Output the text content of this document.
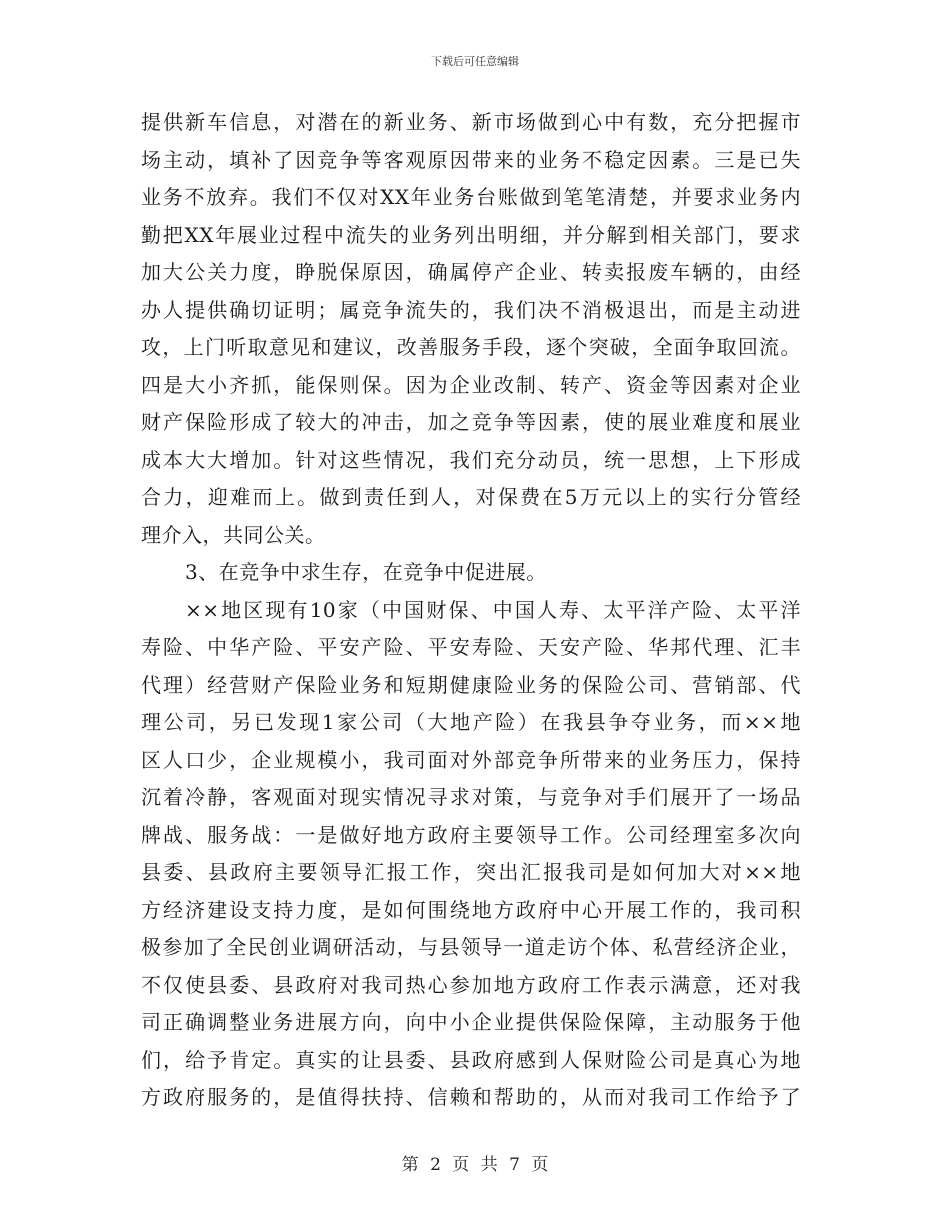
下载后可任意编辑
提供新车信息，对潜在的新业务、新市场做到心中有数，充分把握市
场主动，填补了因竞争等客观原因带来的业务不稳定因素。三是已失
业务不放弃。我们不仅对XX年业务台账做到笔笔清楚，并要求业务内
勤把XX年展业过程中流失的业务列出明细，并分解到相关部门，要求
加大公关力度，睁脱保原因，确属停产企业、转卖报废车辆的，由经
办人提供确切证明；属竞争流失的，我们决不消极退出，而是主动进
攻，上门听取意见和建议，改善服务手段，逐个突破，全面争取回流。
四是大小齐抓，能保则保。因为企业改制、转产、资金等因素对企业
财产保险形成了较大的冲击，加之竞争等因素，使的展业难度和展业
成本大大增加。针对这些情况，我们充分动员，统一思想，上下形成
合力，迎难而上。做到责任到人，对保费在5万元以上的实行分管经
理介入，共同公关。
3、在竞争中求生存，在竞争中促进展。
××地区现有10家（中国财保、中国人寿、太平洋产险、太平洋
寿险、中华产险、平安产险、平安寿险、天安产险、华邦代理、汇丰
代理）经营财产保险业务和短期健康险业务的保险公司、营销部、代
理公司，另已发现1家公司（大地产险）在我县争夺业务，而××地
区人口少，企业规模小，我司面对外部竞争所带来的业务压力，保持
沉着冷静，客观面对现实情况寻求对策，与竞争对手们展开了一场品
牌战、服务战：一是做好地方政府主要领导工作。公司经理室多次向
县委、县政府主要领导汇报工作，突出汇报我司是如何加大对××地
方经济建设支持力度，是如何围绕地方政府中心开展工作的，我司积
极参加了全民创业调研活动，与县领导一道走访个体、私营经济企业，
不仅使县委、县政府对我司热心参加地方政府工作表示满意，还对我
司正确调整业务进展方向，向中小企业提供保险保障，主动服务于他
们，给予肯定。真实的让县委、县政府感到人保财险公司是真心为地
方政府服务的，是值得扶持、信赖和帮助的，从而对我司工作给予了
第 2 页 共 7 页
